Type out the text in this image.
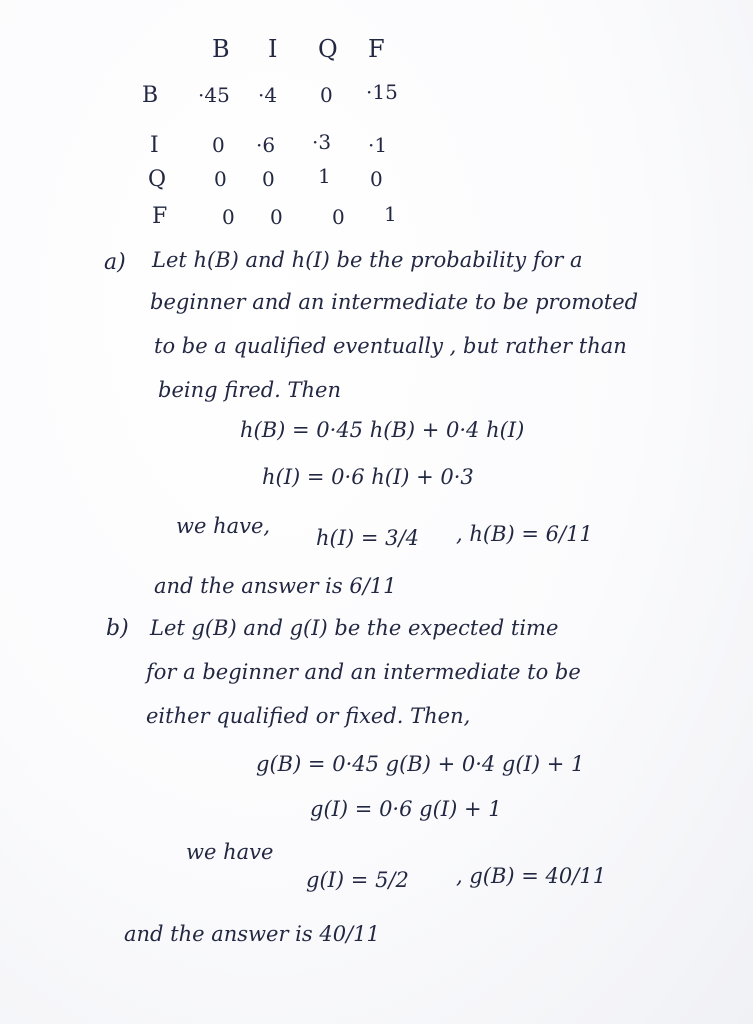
B I Q F
B ·45 ·4 0 ·15
I	0 ·6 ·3 ·1
Q 0 0 1 0
F	0 0 0 1
a) Let h(B) and h(I) be the probability for a
beginner and an intermediate to be promoted
to be a qualified eventually , but rather than
being fired. Then
h(B) = 0·45 h(B) + 0·4 h(I)
h(I) = 0·6 h(I) + 0·3
we have, h(I) = 3/4 , h(B) = 6/11
and the answer is 6/11
b) Let g(B) and g(I) be the expected time
for a beginner and an intermediate to be
either qualified or fixed. Then,
g(B) = 0·45 g(B) + 0·4 g(I) + 1
g(I) = 0·6 g(I) + 1
we have
g(I) = 5/2 , g(B) = 40/11
and the answer is 40/11
